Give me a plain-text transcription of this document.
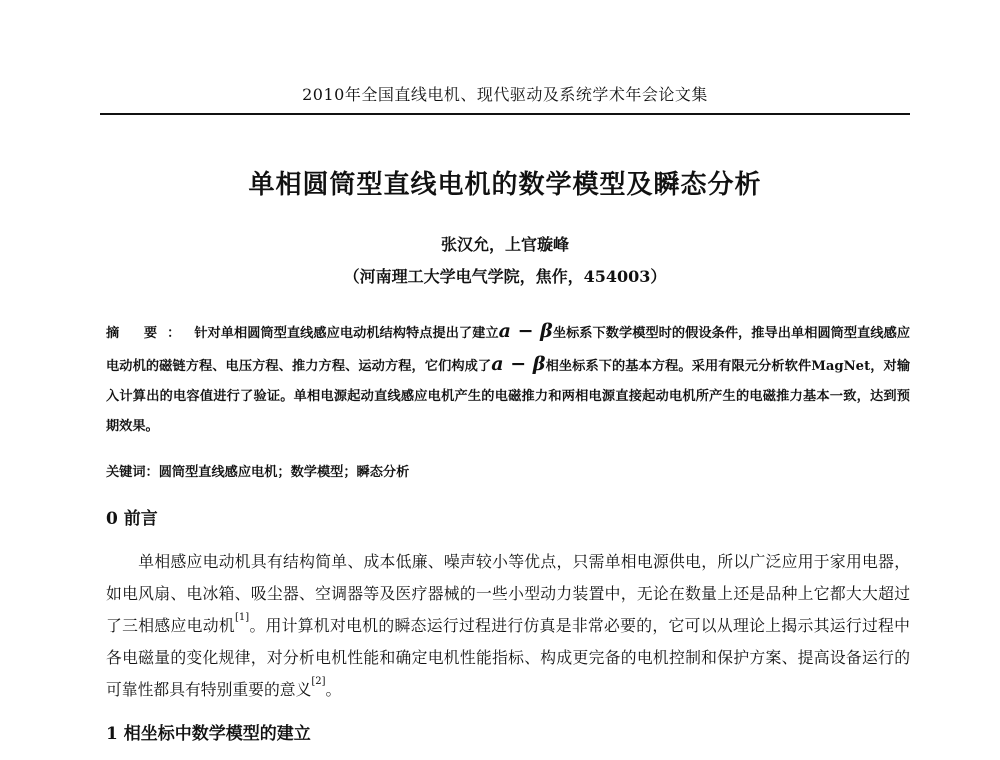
2010年全国直线电机、现代驱动及系统学术年会论文集
单相圆筒型直线电机的数学模型及瞬态分析
张汉允，上官璇峰
（河南理工大学电气学院，焦作，454003）
摘 要： 针对单相圆筒型直线感应电动机结构特点提出了建立a − β坐标系下数学模型时的假设条件，推导出单相圆筒型直线感应电动机的磁链方程、电压方程、推力方程、运动方程，它们构成了a − β相坐标系下的基本方程。采用有限元分析软件MagNet，对输入计算出的电容值进行了验证。单相电源起动直线感应电机产生的电磁推力和两相电源直接起动电机所产生的电磁推力基本一致，达到预期效果。
关键词：圆筒型直线感应电机；数学模型；瞬态分析
0 前言
单相感应电动机具有结构简单、成本低廉、噪声较小等优点，只需单相电源供电，所以广泛应用于家用电器，如电风扇、电冰箱、吸尘器、空调器等及医疗器械的一些小型动力装置中，无论在数量上还是品种上它都大大超过了三相感应电动机[1]。用计算机对电机的瞬态运行过程进行仿真是非常必要的，它可以从理论上揭示其运行过程中各电磁量的变化规律，对分析电机性能和确定电机性能指标、构成更完备的电机控制和保护方案、提高设备运行的可靠性都具有特别重要的意义[2]。
1 相坐标中数学模型的建立
